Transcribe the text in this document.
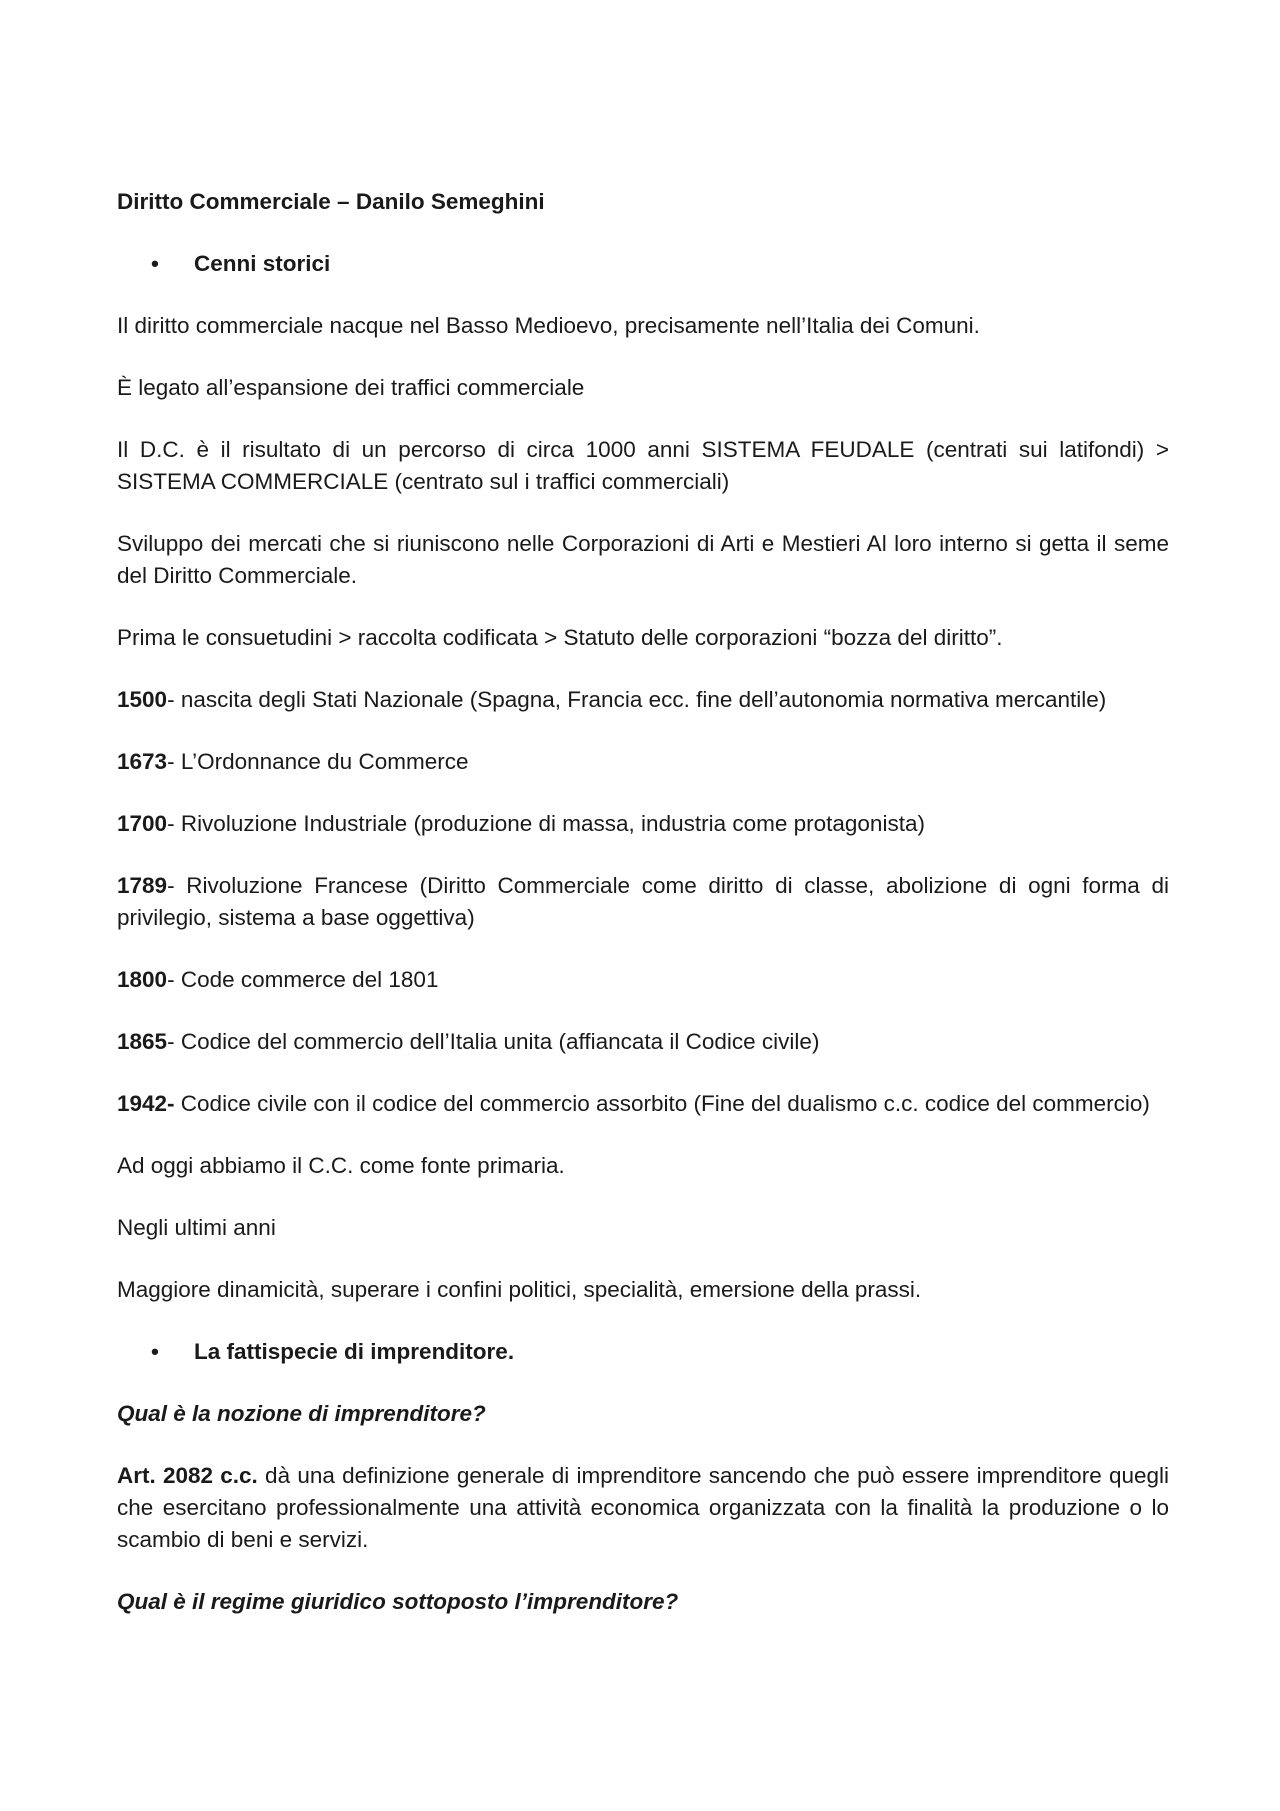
Diritto Commerciale – Danilo Semeghini

•	Cenni storici

Il diritto commerciale nacque nel Basso Medioevo, precisamente nell’Italia dei Comuni.

È legato all’espansione dei traffici commerciale

Il D.C. è il risultato di un percorso di circa 1000 anni SISTEMA FEUDALE (centrati sui latifondi) > SISTEMA COMMERCIALE (centrato sul i traffici commerciali)

Sviluppo dei mercati che si riuniscono nelle Corporazioni di Arti e Mestieri Al loro interno si getta il seme del Diritto Commerciale.

Prima le consuetudini > raccolta codificata > Statuto delle corporazioni “bozza del diritto”.

1500- nascita degli Stati Nazionale (Spagna, Francia ecc. fine dell’autonomia normativa mercantile)

1673- L’Ordonnance du Commerce

1700- Rivoluzione Industriale (produzione di massa, industria come protagonista)

1789- Rivoluzione Francese (Diritto Commerciale come diritto di classe, abolizione di ogni forma di privilegio, sistema a base oggettiva)

1800- Code commerce del 1801

1865- Codice del commercio dell’Italia unita (affiancata il Codice civile)

1942- Codice civile con il codice del commercio assorbito (Fine del dualismo c.c. codice del commercio)

Ad oggi abbiamo il C.C. come fonte primaria.

Negli ultimi anni

Maggiore dinamicità, superare i confini politici, specialità, emersione della prassi.

•	La fattispecie di imprenditore.

Qual è la nozione di imprenditore?

Art. 2082 c.c. dà una definizione generale di imprenditore sancendo che può essere imprenditore quegli che esercitano professionalmente una attività economica organizzata con la finalità la produzione o lo scambio di beni e servizi.

Qual è il regime giuridico sottoposto l’imprenditore?
